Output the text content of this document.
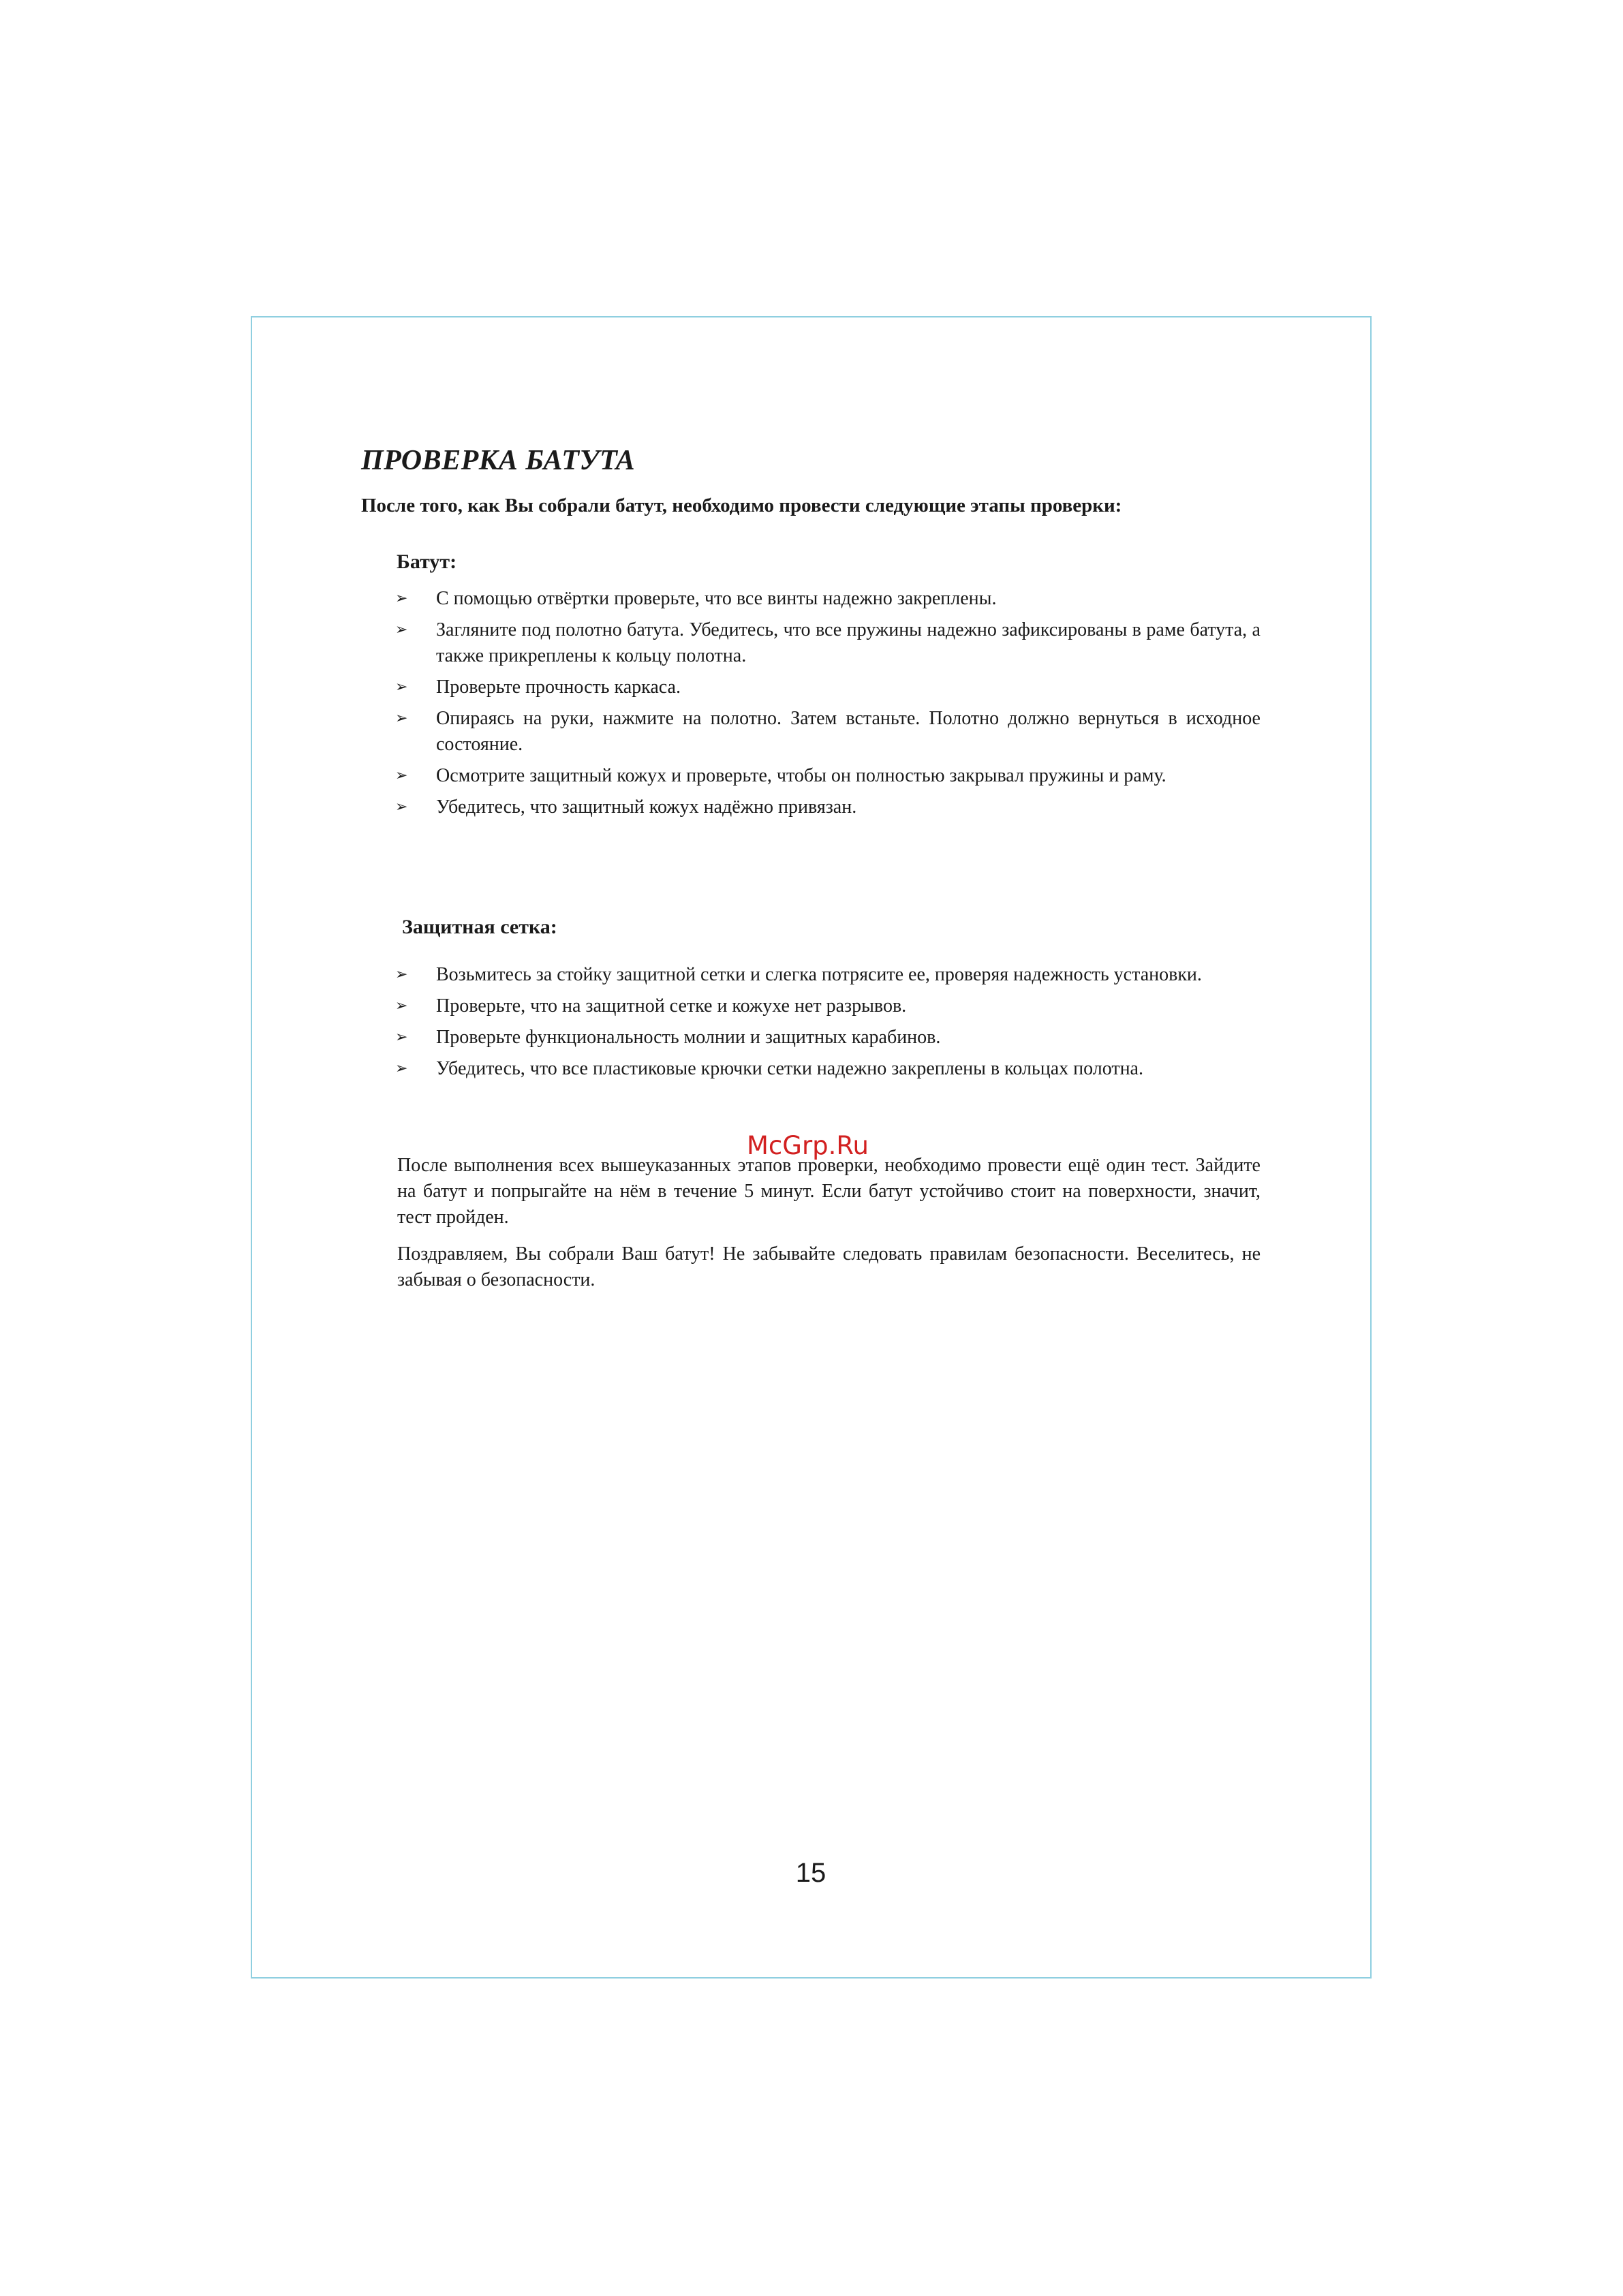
ПРОВЕРКА БАТУТА

После того, как Вы собрали батут, необходимо провести следующие этапы проверки:

Батут:
➢ С помощью отвёртки проверьте, что все винты надежно закреплены.
➢ Загляните под полотно батута. Убедитесь, что все пружины надежно зафиксированы в раме батута, а также прикреплены к кольцу полотна.
➢ Проверьте прочность каркаса.
➢ Опираясь на руки, нажмите на полотно. Затем встаньте. Полотно должно вернуться в исходное состояние.
➢ Осмотрите защитный кожух и проверьте, чтобы он полностью закрывал пружины и раму.
➢ Убедитесь, что защитный кожух надёжно привязан.
Защитная сетка:
➢ Возьмитесь за стойку защитной сетки и слегка потрясите ее, проверяя надежность установки.
➢ Проверьте, что на защитной сетке и кожухе нет разрывов.
➢ Проверьте функциональность молнии и защитных карабинов.
➢ Убедитесь, что все пластиковые крючки сетки надежно закреплены в кольцах полотна.
McGrp.Ru

После выполнения всех вышеуказанных этапов проверки, необходимо провести ещё один тест. Зайдите на батут и попрыгайте на нём в течение 5 минут. Если батут устойчиво стоит на поверхности, значит, тест пройден.

Поздравляем, Вы собрали Ваш батут! Не забывайте следовать правилам безопасности. Веселитесь, не забывая о безопасности.

15
